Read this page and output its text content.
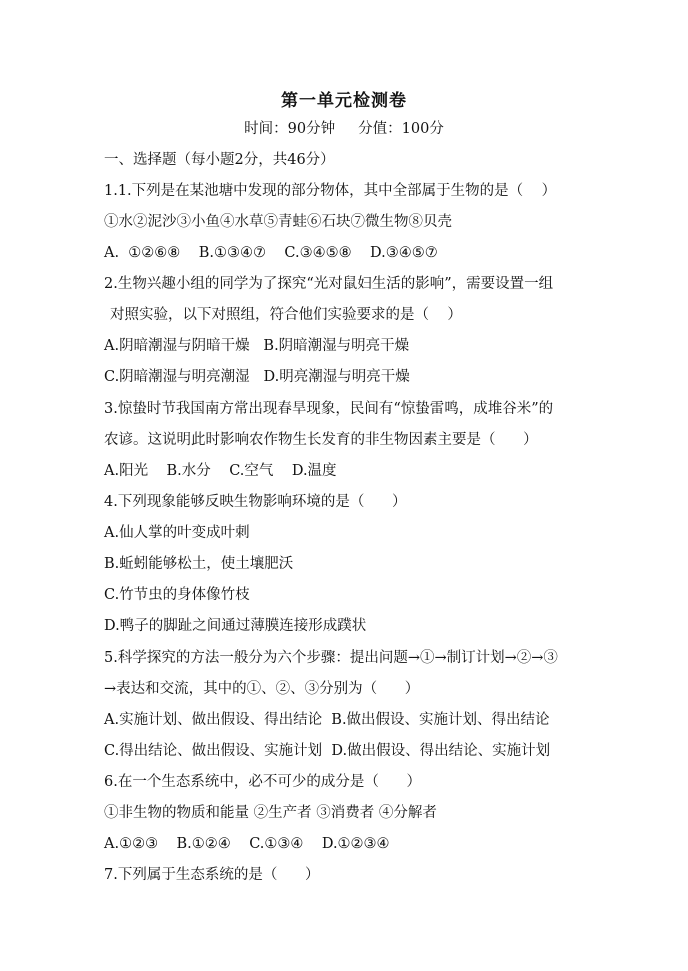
第一单元检测卷
时间：90分钟     分值：100分
一、选择题（每小题2分，共46分）
1.1.下列是在某池塘中发现的部分物体，其中全部属于生物的是（    ）
①水②泥沙③小鱼④水草⑤青蛙⑥石块⑦微生物⑧贝壳
A.  ①②⑥⑧    B.①③④⑦    C.③④⑤⑧    D.③④⑤⑦
2.生物兴趣小组的同学为了探究“光对鼠妇生活的影响”，需要设置一组
对照实验，以下对照组，符合他们实验要求的是（    ）
A.阴暗潮湿与阴暗干燥   B.阴暗潮湿与明亮干燥
C.阴暗潮湿与明亮潮湿   D.明亮潮湿与明亮干燥
3.惊蛰时节我国南方常出现春旱现象，民间有“惊蛰雷鸣，成堆谷米”的
农谚。这说明此时影响农作物生长发育的非生物因素主要是（      ）
A.阳光    B.水分    C.空气    D.温度
4.下列现象能够反映生物影响环境的是（      ）
A.仙人掌的叶变成叶刺
B.蚯蚓能够松土，使土壤肥沃
C.竹节虫的身体像竹枝
D.鸭子的脚趾之间通过薄膜连接形成蹼状
5.科学探究的方法一般分为六个步骤：提出问题→①→制订计划→②→③
→表达和交流，其中的①、②、③分别为（      ）
A.实施计划、做出假设、得出结论  B.做出假设、实施计划、得出结论
C.得出结论、做出假设、实施计划  D.做出假设、得出结论、实施计划
6.在一个生态系统中，必不可少的成分是（      ）
①非生物的物质和能量 ②生产者 ③消费者 ④分解者
A.①②③    B.①②④    C.①③④    D.①②③④
7.下列属于生态系统的是（      ）
